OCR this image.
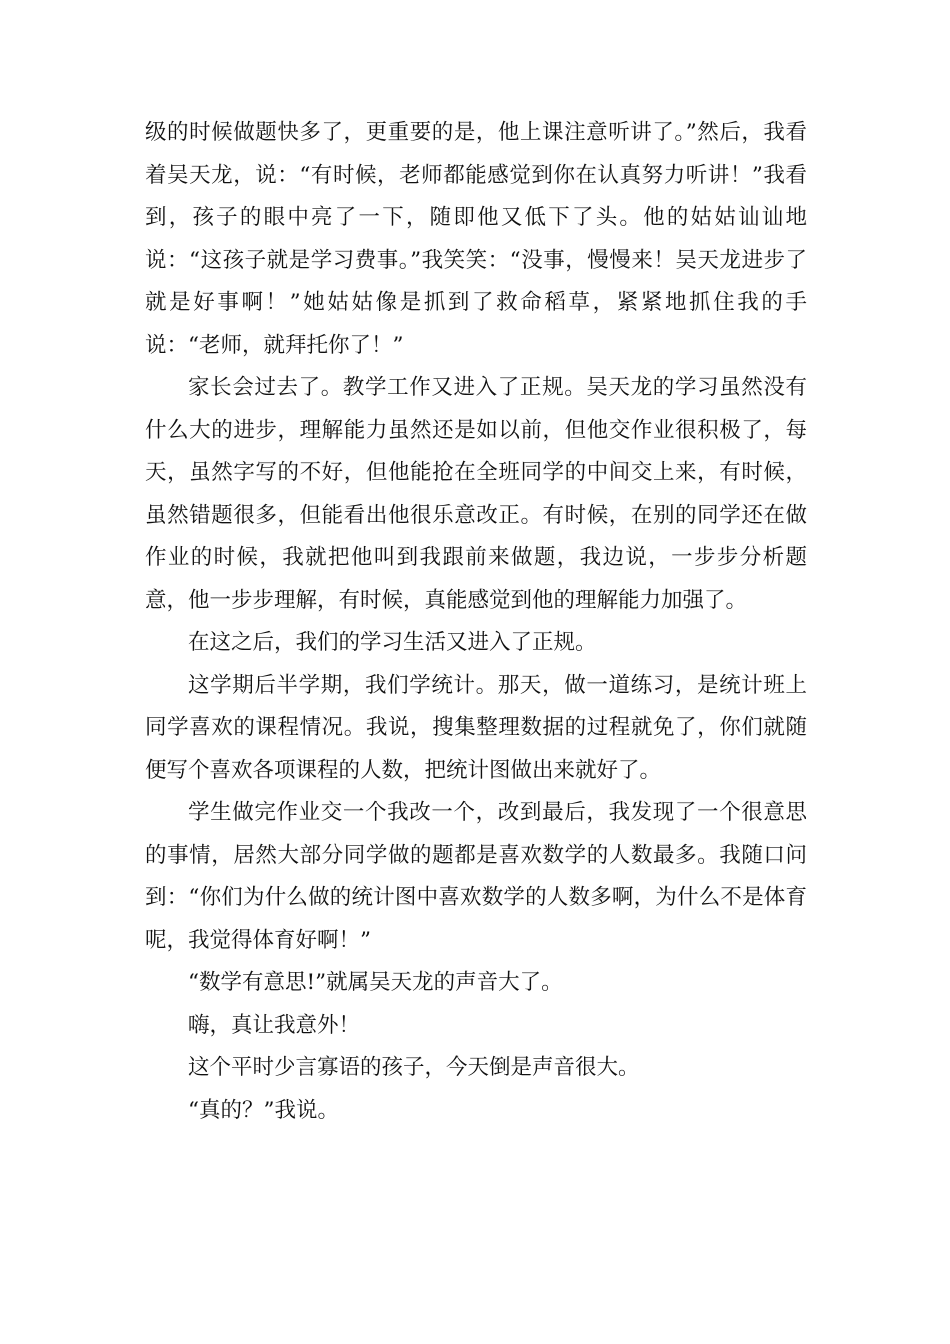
级的时候做题快多了，更重要的是，他上课注意听讲了。”然后，我看着吴天龙，说：“有时候，老师都能感觉到你在认真努力听讲！”我看到，孩子的眼中亮了一下，随即他又低下了头。他的姑姑讪讪地说：“这孩子就是学习费事。”我笑笑：“没事，慢慢来！吴天龙进步了就是好事啊！”她姑姑像是抓到了救命稻草，紧紧地抓住我的手说：“老师，就拜托你了！”

家长会过去了。教学工作又进入了正规。吴天龙的学习虽然没有什么大的进步，理解能力虽然还是如以前，但他交作业很积极了，每天，虽然字写的不好，但他能抢在全班同学的中间交上来，有时候，虽然错题很多，但能看出他很乐意改正。有时候，在别的同学还在做作业的时候，我就把他叫到我跟前来做题，我边说，一步步分析题意，他一步步理解，有时候，真能感觉到他的理解能力加强了。

在这之后，我们的学习生活又进入了正规。

这学期后半学期，我们学统计。那天，做一道练习，是统计班上同学喜欢的课程情况。我说，搜集整理数据的过程就免了，你们就随便写个喜欢各项课程的人数，把统计图做出来就好了。

学生做完作业交一个我改一个，改到最后，我发现了一个很意思的事情，居然大部分同学做的题都是喜欢数学的人数最多。我随口问到：“你们为什么做的统计图中喜欢数学的人数多啊，为什么不是体育呢，我觉得体育好啊！”

“数学有意思!”就属吴天龙的声音大了。

嗨，真让我意外！

这个平时少言寡语的孩子，今天倒是声音很大。

“真的？”我说。
